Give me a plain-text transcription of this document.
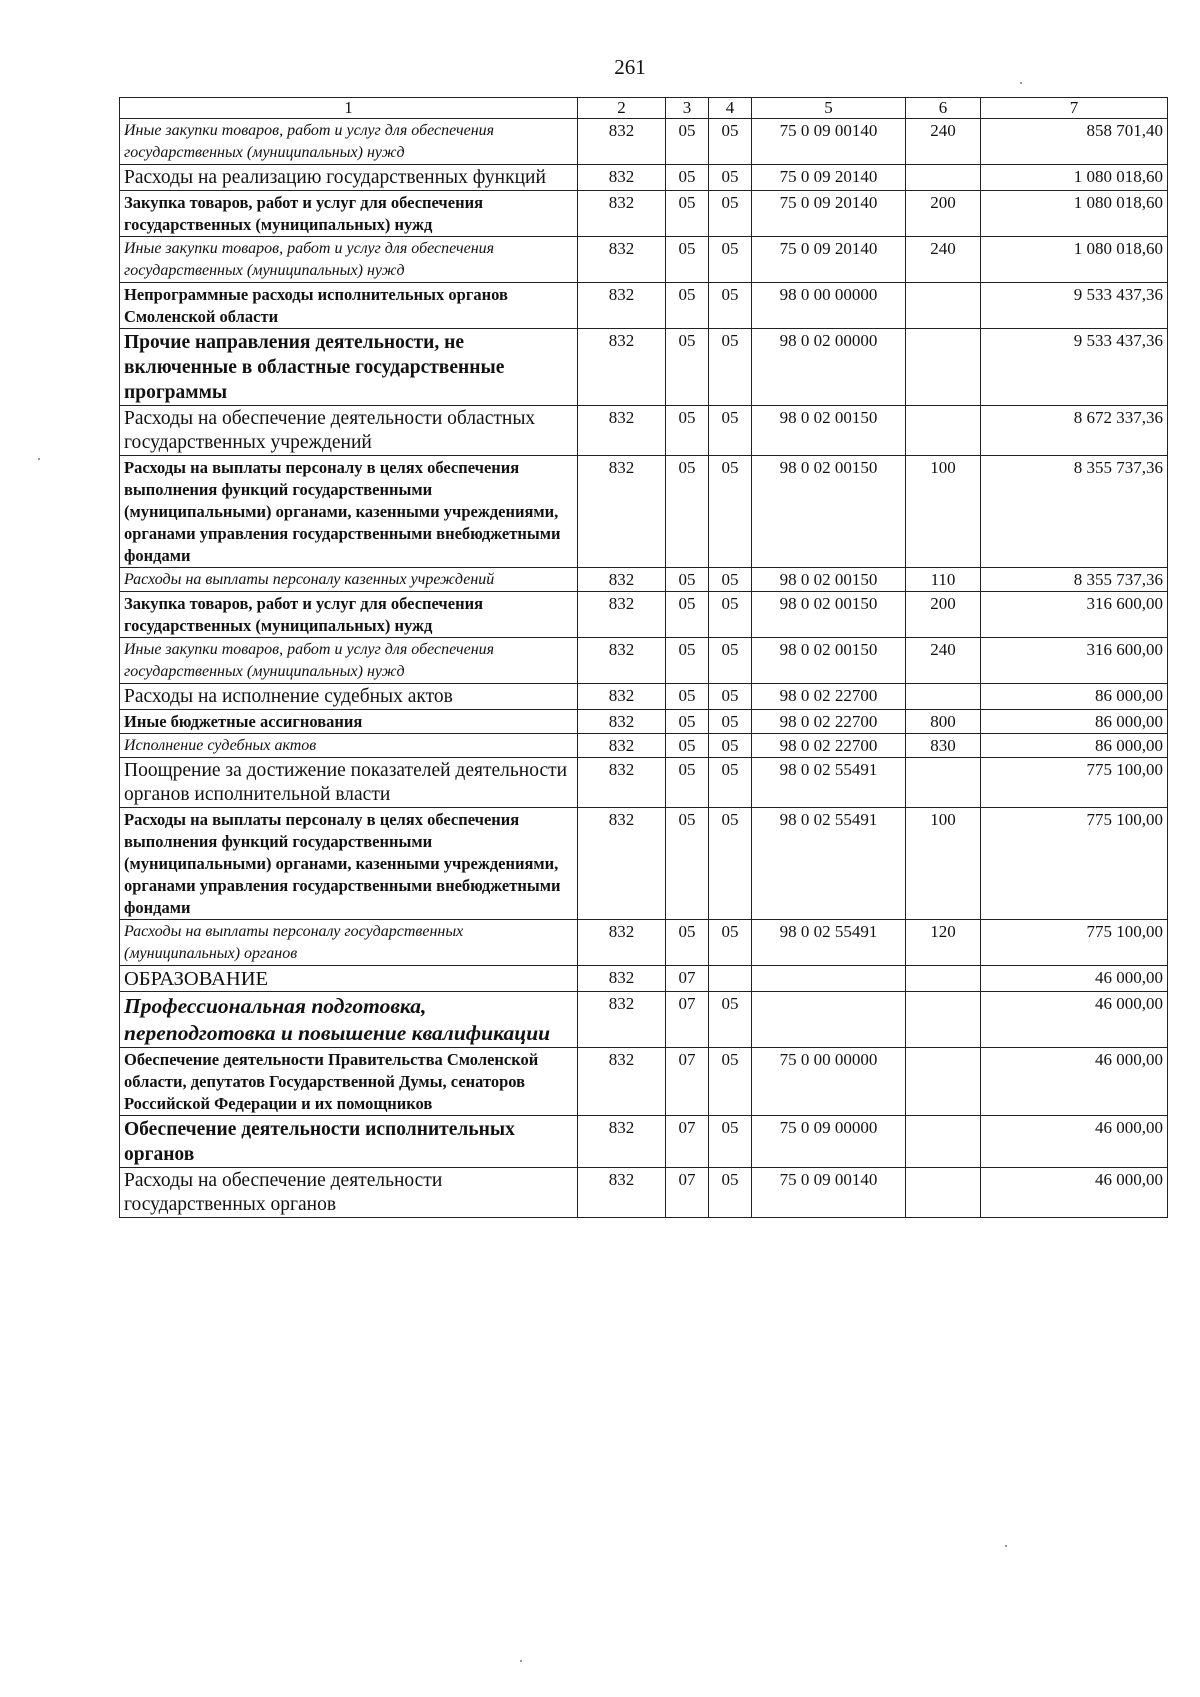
261
1	2	3	4	5	6	7

Иные закупки товаров, работ и услуг для обеспечения государственных (муниципальных) нужд	832	05	05	75 0 09 00140	240	858 701,40

Расходы на реализацию государственных функций	832	05	05	75 0 09 20140		1 080 018,60

Закупка товаров, работ и услуг для обеспечения государственных (муниципальных) нужд	832	05	05	75 0 09 20140	200	1 080 018,60

Иные закупки товаров, работ и услуг для обеспечения государственных (муниципальных) нужд	832	05	05	75 0 09 20140	240	1 080 018,60

Непрограммные расходы исполнительных органов Смоленской области	832	05	05	98 0 00 00000		9 533 437,36

Прочие направления деятельности, не включенные в областные государственные программы	832	05	05	98 0 02 00000		9 533 437,36

Расходы на обеспечение деятельности областных государственных учреждений	832	05	05	98 0 02 00150		8 672 337,36

Расходы на выплаты персоналу в целях обеспечения выполнения функций государственными (муниципальными) органами, казенными учреждениями, органами управления государственными внебюджетными фондами	832	05	05	98 0 02 00150	100	8 355 737,36

Расходы на выплаты персоналу казенных учреждений	832	05	05	98 0 02 00150	110	8 355 737,36

Закупка товаров, работ и услуг для обеспечения государственных (муниципальных) нужд	832	05	05	98 0 02 00150	200	316 600,00

Иные закупки товаров, работ и услуг для обеспечения государственных (муниципальных) нужд	832	05	05	98 0 02 00150	240	316 600,00

Расходы на исполнение судебных актов	832	05	05	98 0 02 22700		86 000,00

Иные бюджетные ассигнования	832	05	05	98 0 02 22700	800	86 000,00

Исполнение судебных актов	832	05	05	98 0 02 22700	830	86 000,00

Поощрение за достижение показателей деятельности органов исполнительной власти	832	05	05	98 0 02 55491		775 100,00

Расходы на выплаты персоналу в целях обеспечения выполнения функций государственными (муниципальными) органами, казенными учреждениями, органами управления государственными внебюджетными фондами	832	05	05	98 0 02 55491	100	775 100,00

Расходы на выплаты персоналу государственных (муниципальных) органов	832	05	05	98 0 02 55491	120	775 100,00

ОБРАЗОВАНИЕ	832	07				46 000,00

Профессиональная подготовка, переподготовка и повышение квалификации	832	07	05			46 000,00

Обеспечение деятельности Правительства Смоленской области, депутатов Государственной Думы, сенаторов Российской Федерации и их помощников	832	07	05	75 0 00 00000		46 000,00

Обеспечение деятельности исполнительных органов	832	07	05	75 0 09 00000		46 000,00

Расходы на обеспечение деятельности государственных органов	832	07	05	75 0 09 00140		46 000,00
